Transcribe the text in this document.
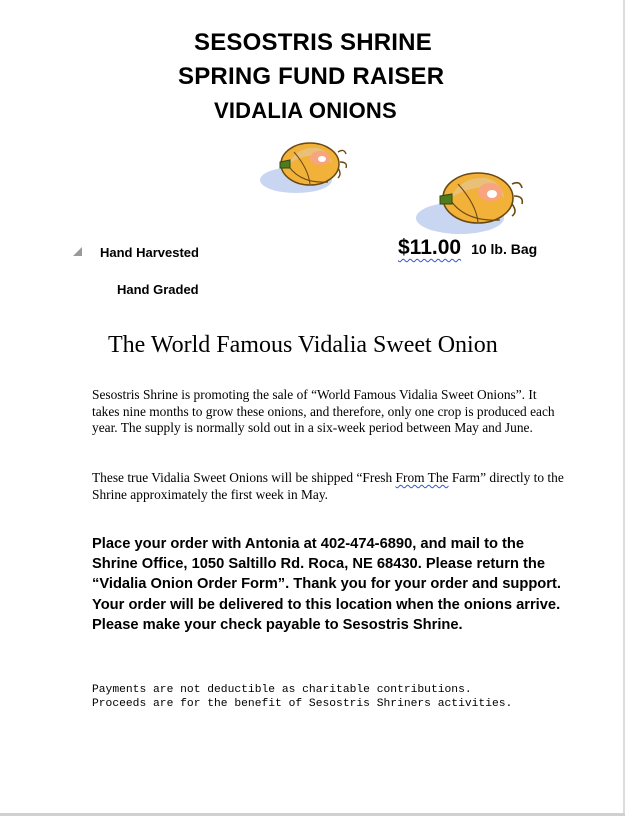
SESOSTRIS SHRINE
SPRING FUND RAISER
VIDALIA ONIONS
Hand Harvested
Hand Graded
$11.00 10 lb. Bag
The World Famous Vidalia Sweet Onion

Sesostris Shrine is promoting the sale of “World Famous Vidalia Sweet Onions”. It takes nine months to grow these onions, and therefore, only one crop is produced each year. The supply is normally sold out in a six-week period between May and June.

These true Vidalia Sweet Onions will be shipped “Fresh From The Farm” directly to the Shrine approximately the first week in May.

Place your order with Antonia at 402-474-6890, and mail to the Shrine Office, 1050 Saltillo Rd. Roca, NE 68430. Please return the “Vidalia Onion Order Form”. Thank you for your order and support. Your order will be delivered to this location when the onions arrive. Please make your check payable to Sesostris Shrine.

Payments are not deductible as charitable contributions.
Proceeds are for the benefit of Sesostris Shriners activities.
